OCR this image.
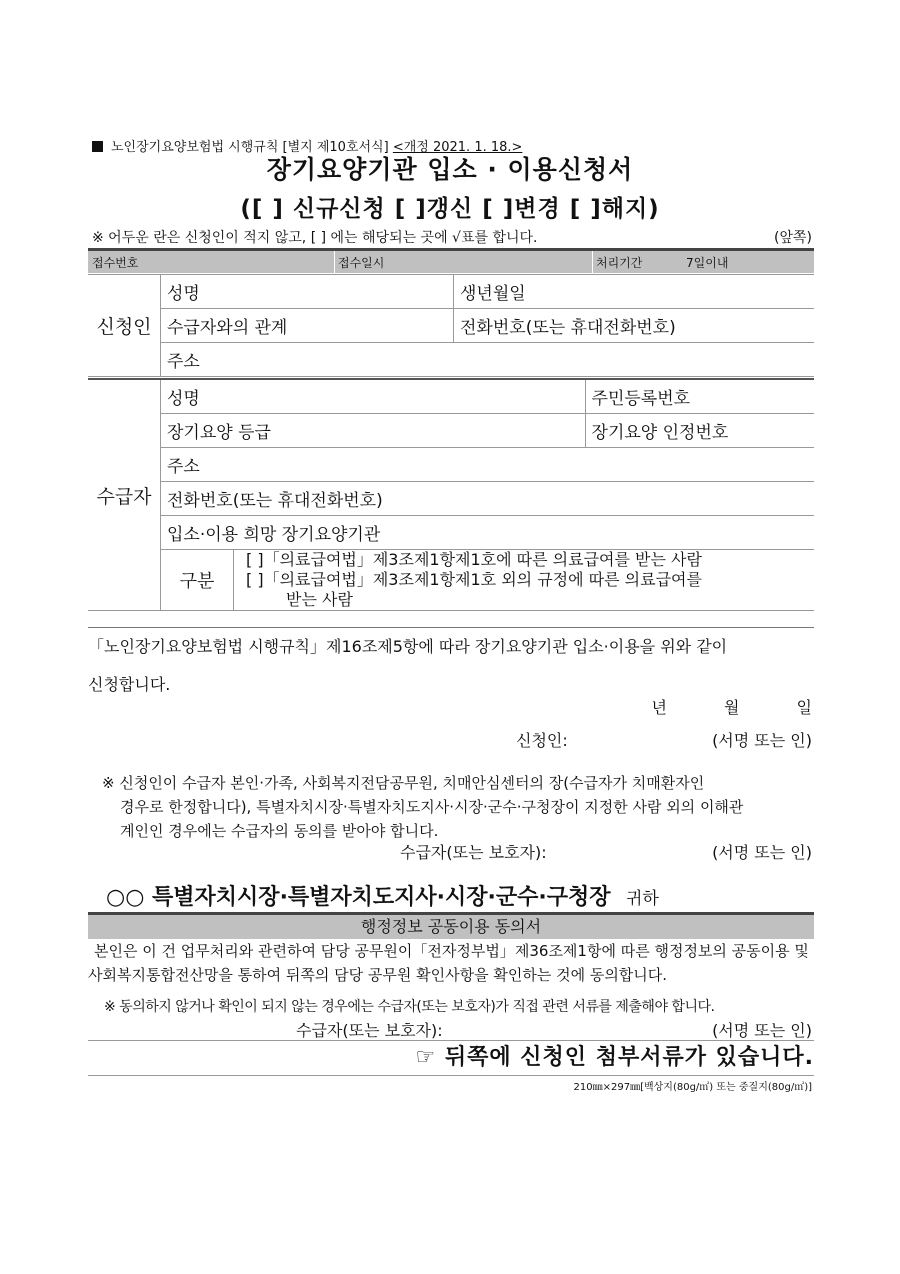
노인장기요양보험법 시행규칙 [별지 제10호서식] <개정 2021. 1. 18.>
장기요양기관 입소 · 이용신청서
([ ] 신규신청 [ ]갱신 [ ]변경 [ ]해지)
※ 어두운 란은 신청인이 적지 않고, [ ] 에는 해당되는 곳에 √표를 합니다.	(앞쪽)
접수번호	접수일시	처리기간	7일이내
신청인	성명	생년월일
	수급자와의 관계	전화번호(또는 휴대전화번호)
	주소	
수급자	성명		주민등록번호
	장기요양 등급		장기요양 인정번호
	주소		
	전화번호(또는 휴대전화번호)		
	입소·이용 희망 장기요양기관		
	구분	[ ]「의료급여법」제3조제1항제1호에 따른 의료급여를 받는 사람
[ ]「의료급여법」제3조제1항제1호 외의 규정에 따른 의료급여를
받는 사람	
「노인장기요양보험법 시행규칙」제16조제5항에 따라 장기요양기관 입소·이용을 위와 같이
신청합니다.
년 월 일
신청인:	(서명 또는 인)
※ 신청인이 수급자 본인·가족, 사회복지전담공무원, 치매안심센터의 장(수급자가 치매환자인
경우로 한정합니다), 특별자치시장·특별자치도지사·시장·군수·구청장이 지정한 사람 외의 이해관
계인인 경우에는 수급자의 동의를 받아야 합니다.
수급자(또는 보호자):	(서명 또는 인)
○○ 특별자치시장·특별자치도지사·시장·군수·구청장 귀하
행정정보 공동이용 동의서
본인은 이 건 업무처리와 관련하여 담당 공무원이「전자정부법」제36조제1항에 따른 행정정보의 공동이용 및 사회복지통합전산망을 통하여 뒤쪽의 담당 공무원 확인사항을 확인하는 것에 동의합니다.
※ 동의하지 않거나 확인이 되지 않는 경우에는 수급자(또는 보호자)가 직접 관련 서류를 제출해야 합니다.
수급자(또는 보호자):	(서명 또는 인)
☞ 뒤쪽에 신청인 첨부서류가 있습니다.
210㎜×297㎜[백상지(80g/㎡) 또는 중질지(80g/㎡)]
